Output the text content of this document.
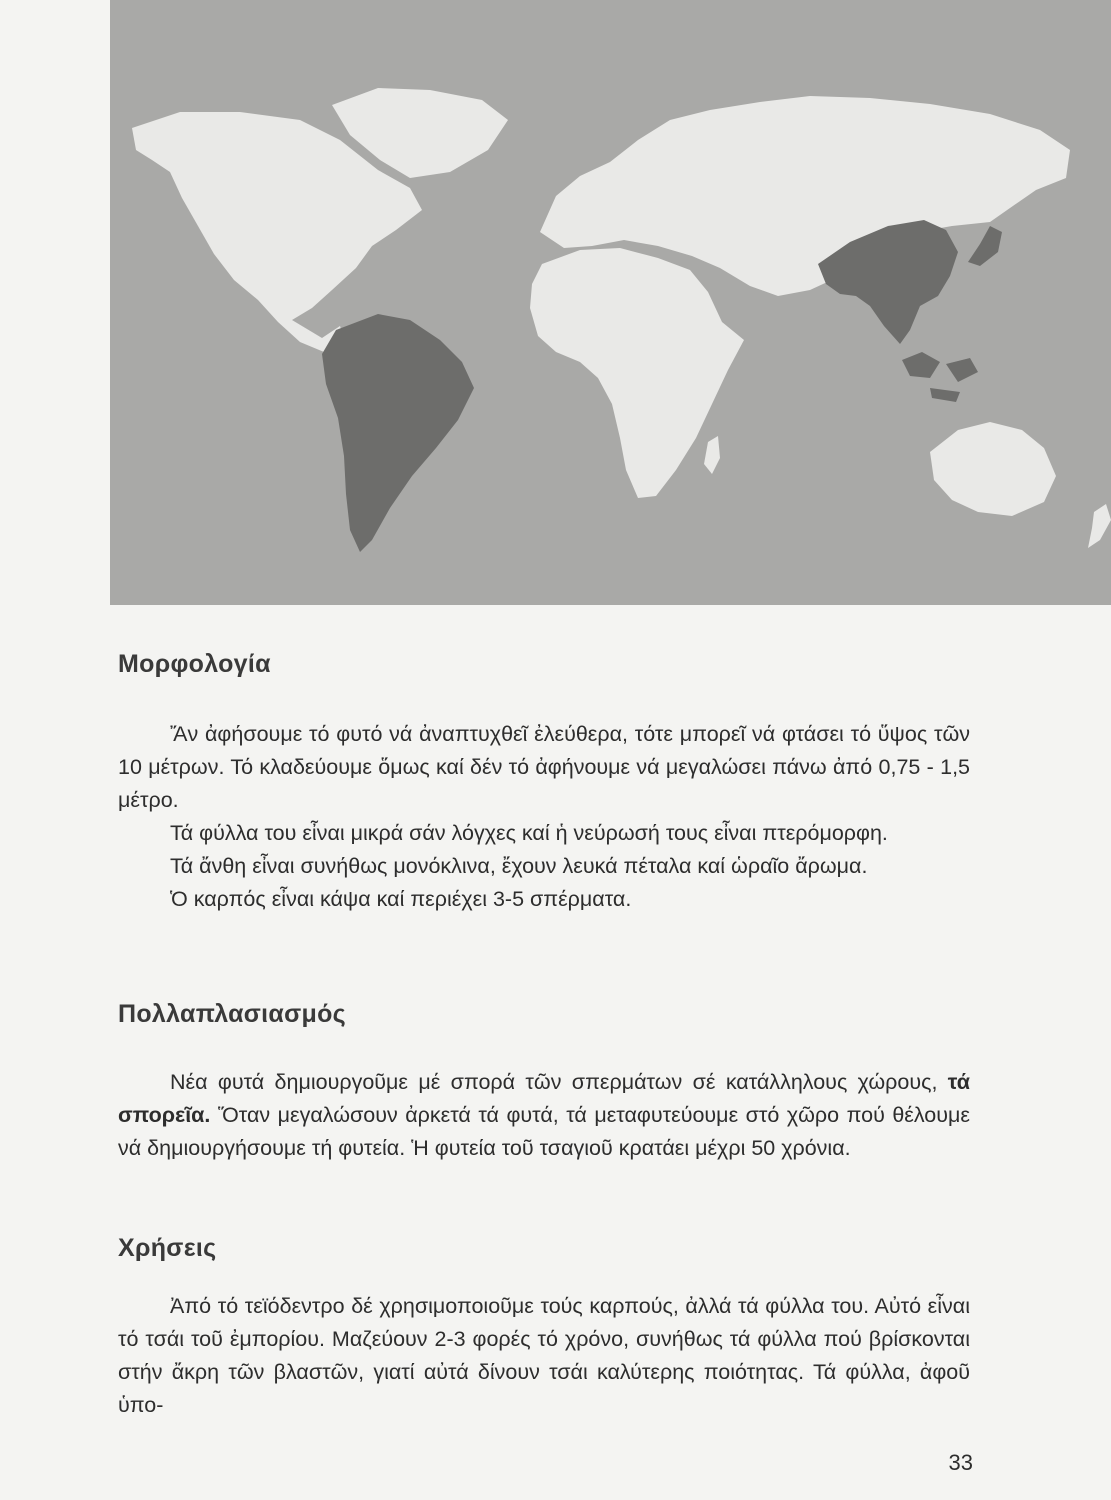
Μορφολογία

Ἄν ἀφήσουμε τό φυτό νά ἀναπτυχθεῖ ἐλεύθερα, τότε μπορεῖ νά φτάσει τό ὕψος τῶν 10 μέτρων. Τό κλαδεύουμε ὅμως καί δέν τό ἀφήνουμε νά μεγαλώσει πάνω ἀπό 0,75 - 1,5 μέτρο.

Τά φύλλα του εἶναι μικρά σάν λόγχες καί ἡ νεύρωσή τους εἶναι πτερόμορφη.

Τά ἄνθη εἶναι συνήθως μονόκλινα, ἔχουν λευκά πέταλα καί ὡραῖο ἄρωμα.

Ὁ καρπός εἶναι κάψα καί περιέχει 3-5 σπέρματα.

Πολλαπλασιασμός

Νέα φυτά δημιουργοῦμε μέ σπορά τῶν σπερμάτων σέ κατάλληλους χώρους, τά σπορεῖα. Ὅταν μεγαλώσουν ἀρκετά τά φυτά, τά μεταφυτεύουμε στό χῶρο πού θέλουμε νά δημιουργήσουμε τή φυτεία. Ἡ φυτεία τοῦ τσαγιοῦ κρατάει μέχρι 50 χρόνια.

Χρήσεις

Ἀπό τό τεϊόδεντρο δέ χρησιμοποιοῦμε τούς καρπούς, ἀλλά τά φύλλα του. Αὐτό εἶναι τό τσάι τοῦ ἐμπορίου. Μαζεύουν 2-3 φορές τό χρόνο, συνήθως τά φύλλα πού βρίσκονται στήν ἄκρη τῶν βλαστῶν, γιατί αὐτά δίνουν τσάι καλύτερης ποιότητας. Τά φύλλα, ἀφοῦ ὑπο-

33
